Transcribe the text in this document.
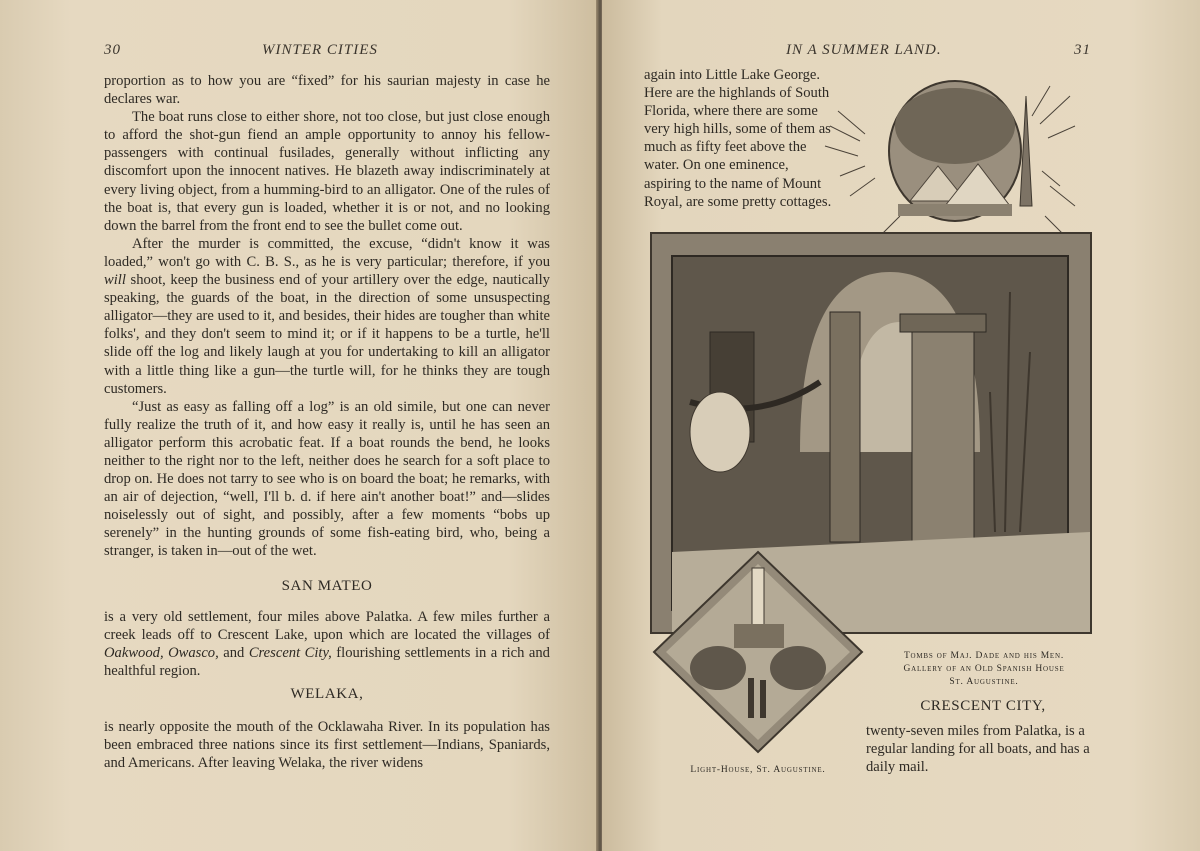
30	WINTER CITIES

proportion as to how you are “fixed” for his saurian majesty in case he declares war.

The boat runs close to either shore, not too close, but just close enough to afford the shot-gun fiend an ample opportunity to annoy his fellow-passengers with continual fusilades, generally without inflicting any discomfort upon the innocent natives. He blazeth away indiscriminately at every living object, from a humming-bird to an alligator. One of the rules of the boat is, that every gun is loaded, whether it is or not, and no looking down the barrel from the front end to see the bullet come out.

After the murder is committed, the excuse, “didn't know it was loaded,” won't go with C. B. S., as he is very particular; therefore, if you will shoot, keep the business end of your artillery over the edge, nautically speaking, the guards of the boat, in the direction of some unsuspecting alligator—they are used to it, and besides, their hides are tougher than white folks', and they don't seem to mind it; or if it happens to be a turtle, he'll slide off the log and likely laugh at you for undertaking to kill an alligator with a little thing like a gun—the turtle will, for he thinks they are tough customers.

“Just as easy as falling off a log” is an old simile, but one can never fully realize the truth of it, and how easy it really is, until he has seen an alligator perform this acrobatic feat. If a boat rounds the bend, he looks neither to the right nor to the left, neither does he search for a soft place to drop on. He does not tarry to see who is on board the boat; he remarks, with an air of dejection, “well, I'll b. d. if here ain't another boat!” and—slides noiselessly out of sight, and possibly, after a few moments “bobs up serenely” in the hunting grounds of some fish-eating bird, who, being a stranger, is taken in—out of the wet.

SAN MATEO

is a very old settlement, four miles above Palatka. A few miles further a creek leads off to Crescent Lake, upon which are located the villages of Oakwood, Owasco, and Crescent City, flourishing settlements in a rich and healthful region.

WELAKA,

is nearly opposite the mouth of the Ocklawaha River. In its population has been embraced three nations since its first settlement—Indians, Spaniards, and Americans. After leaving Welaka, the river widens

IN A SUMMER LAND.	31
again into Little Lake George. Here are the highlands of South Florida, where there are some very high hills, some of them as much as fifty feet above the water. On one eminence, aspiring to the name of Mount Royal, are some pretty cottages.
Tombs of Maj. Dade and his Men.
Gallery of an Old Spanish House
St. Augustine.
CRESCENT CITY,
twenty-seven miles from Palatka, is a regular landing for all boats, and has a daily mail.
Light-House, St. Augustine.
